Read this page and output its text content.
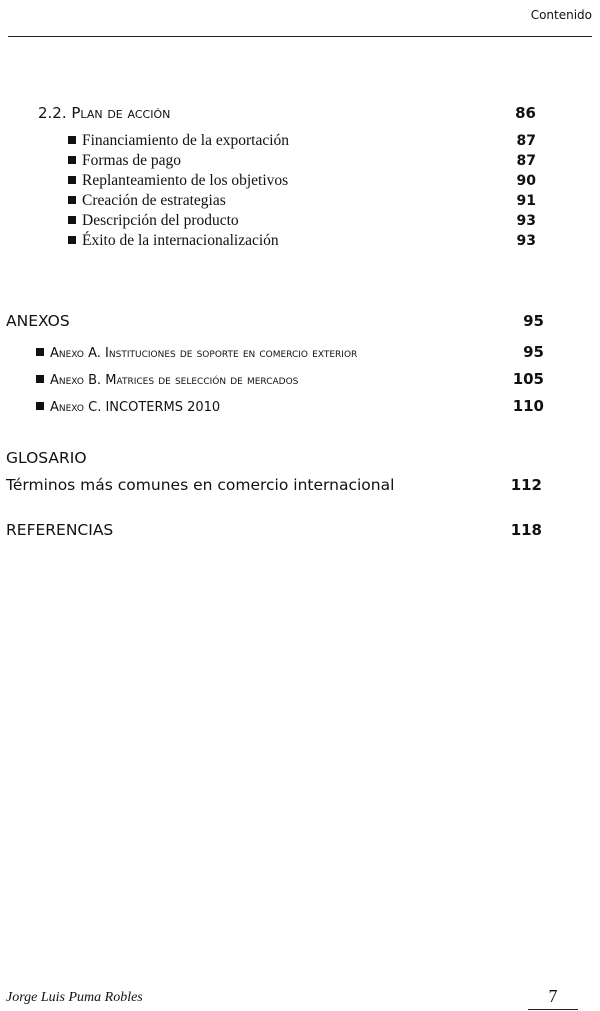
Contenido
2.2. Plan de acción	86
Financiamiento de la exportación	87
Formas de pago	87
Replanteamiento de los objetivos	90
Creación de estrategias	91
Descripción del producto	93
Éxito de la internacionalización	93
ANEXOS	95
Anexo A. Instituciones de soporte en comercio exterior	95
Anexo B. Matrices de selección de mercados	105
Anexo C. INCOTERMS 2010	110
GLOSARIO
Términos más comunes en comercio internacional	112
REFERENCIAS	118
Jorge Luis Puma Robles	7
